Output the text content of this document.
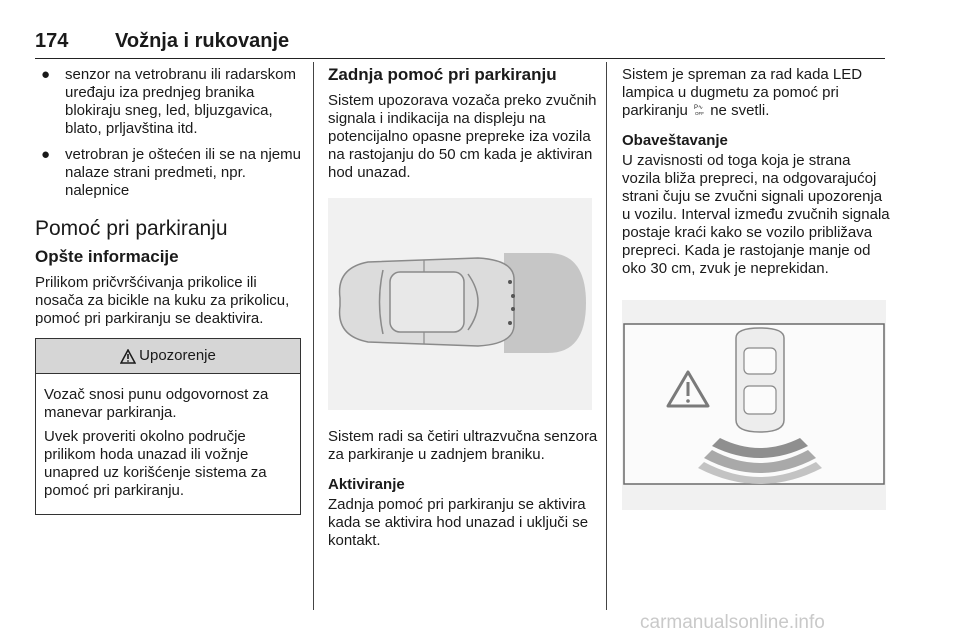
174 Vožnja i rukovanje
● senzor na vetrobranu ili radarskom uređaju iza prednjeg branika blokiraju sneg, led, bljuzgavica, blato, prljavština itd.
● vetrobran je oštećen ili se na njemu nalaze strani predmeti, npr. nalepnice
Pomoć pri parkiranju
Opšte informacije

Prilikom pričvršćivanja prikolice ili nosača za bicikle na kuku za prikolicu, pomoć pri parkiranju se deaktivira.

Upozorenje

Vozač snosi punu odgovornost za manevar parkiranja.

Uvek proveriti okolno područje prilikom hoda unazad ili vožnje unapred uz korišćenje sistema za pomoć pri parkiranju.

Zadnja pomoć pri parkiranju

Sistem upozorava vozača preko zvučnih signala i indikacija na displeju na potencijalno opasne prepreke iza vozila na rastojanju do 50 cm kada je aktiviran hod unazad.

Sistem radi sa četiri ultrazvučna senzora za parkiranje u zadnjem braniku.

Aktiviranje

Zadnja pomoć pri parkiranju se aktivira kada se aktivira hod unazad i uključi se kontakt.

Sistem je spreman za rad kada LED lampica u dugmetu za pomoć pri parkiranju P ∿
OFF ne svetli.

Obaveštavanje

U zavisnosti od toga koja je strana vozila bliža prepreci, na odgovarajućoj strani čuju se zvučni signali upozorenja u vozilu. Interval između zvučnih signala postaje kraći kako se vozilo približava prepreci. Kada je rastojanje manje od oko 30 cm, zvuk je neprekidan.

carmanualsonline.info
